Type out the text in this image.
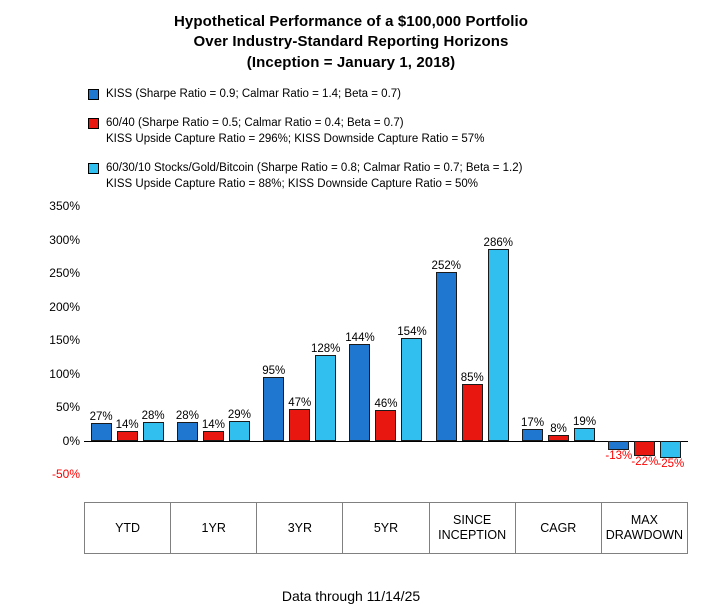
Hypothetical Performance of a $100,000 Portfolio
Over Industry-Standard Reporting Horizons
(Inception = January 1, 2018)
KISS (Sharpe Ratio = 0.9; Calmar Ratio = 1.4; Beta = 0.7)
60/40 (Sharpe Ratio = 0.5; Calmar Ratio = 0.4; Beta = 0.7)
KISS Upside Capture Ratio = 296%; KISS Downside Capture Ratio = 57%
60/30/10 Stocks/Gold/Bitcoin (Sharpe Ratio = 0.8; Calmar Ratio = 0.7; Beta = 1.2)
KISS Upside Capture Ratio = 88%; KISS Downside Capture Ratio = 50%
350%
300%
250%
200%
150%
100%
50%
0%
-50%
27%
14%
28% 28%
14%
29%
95%
47%
128%
144%
46%
154%
252%
85%
286%
17% 8%
19%
-13%
-22% -25%
YTD	1YR	3YR	5YR
SINCE INCEPTION
CAGR
MAX DRAWDOWN
Data through 11/14/25
